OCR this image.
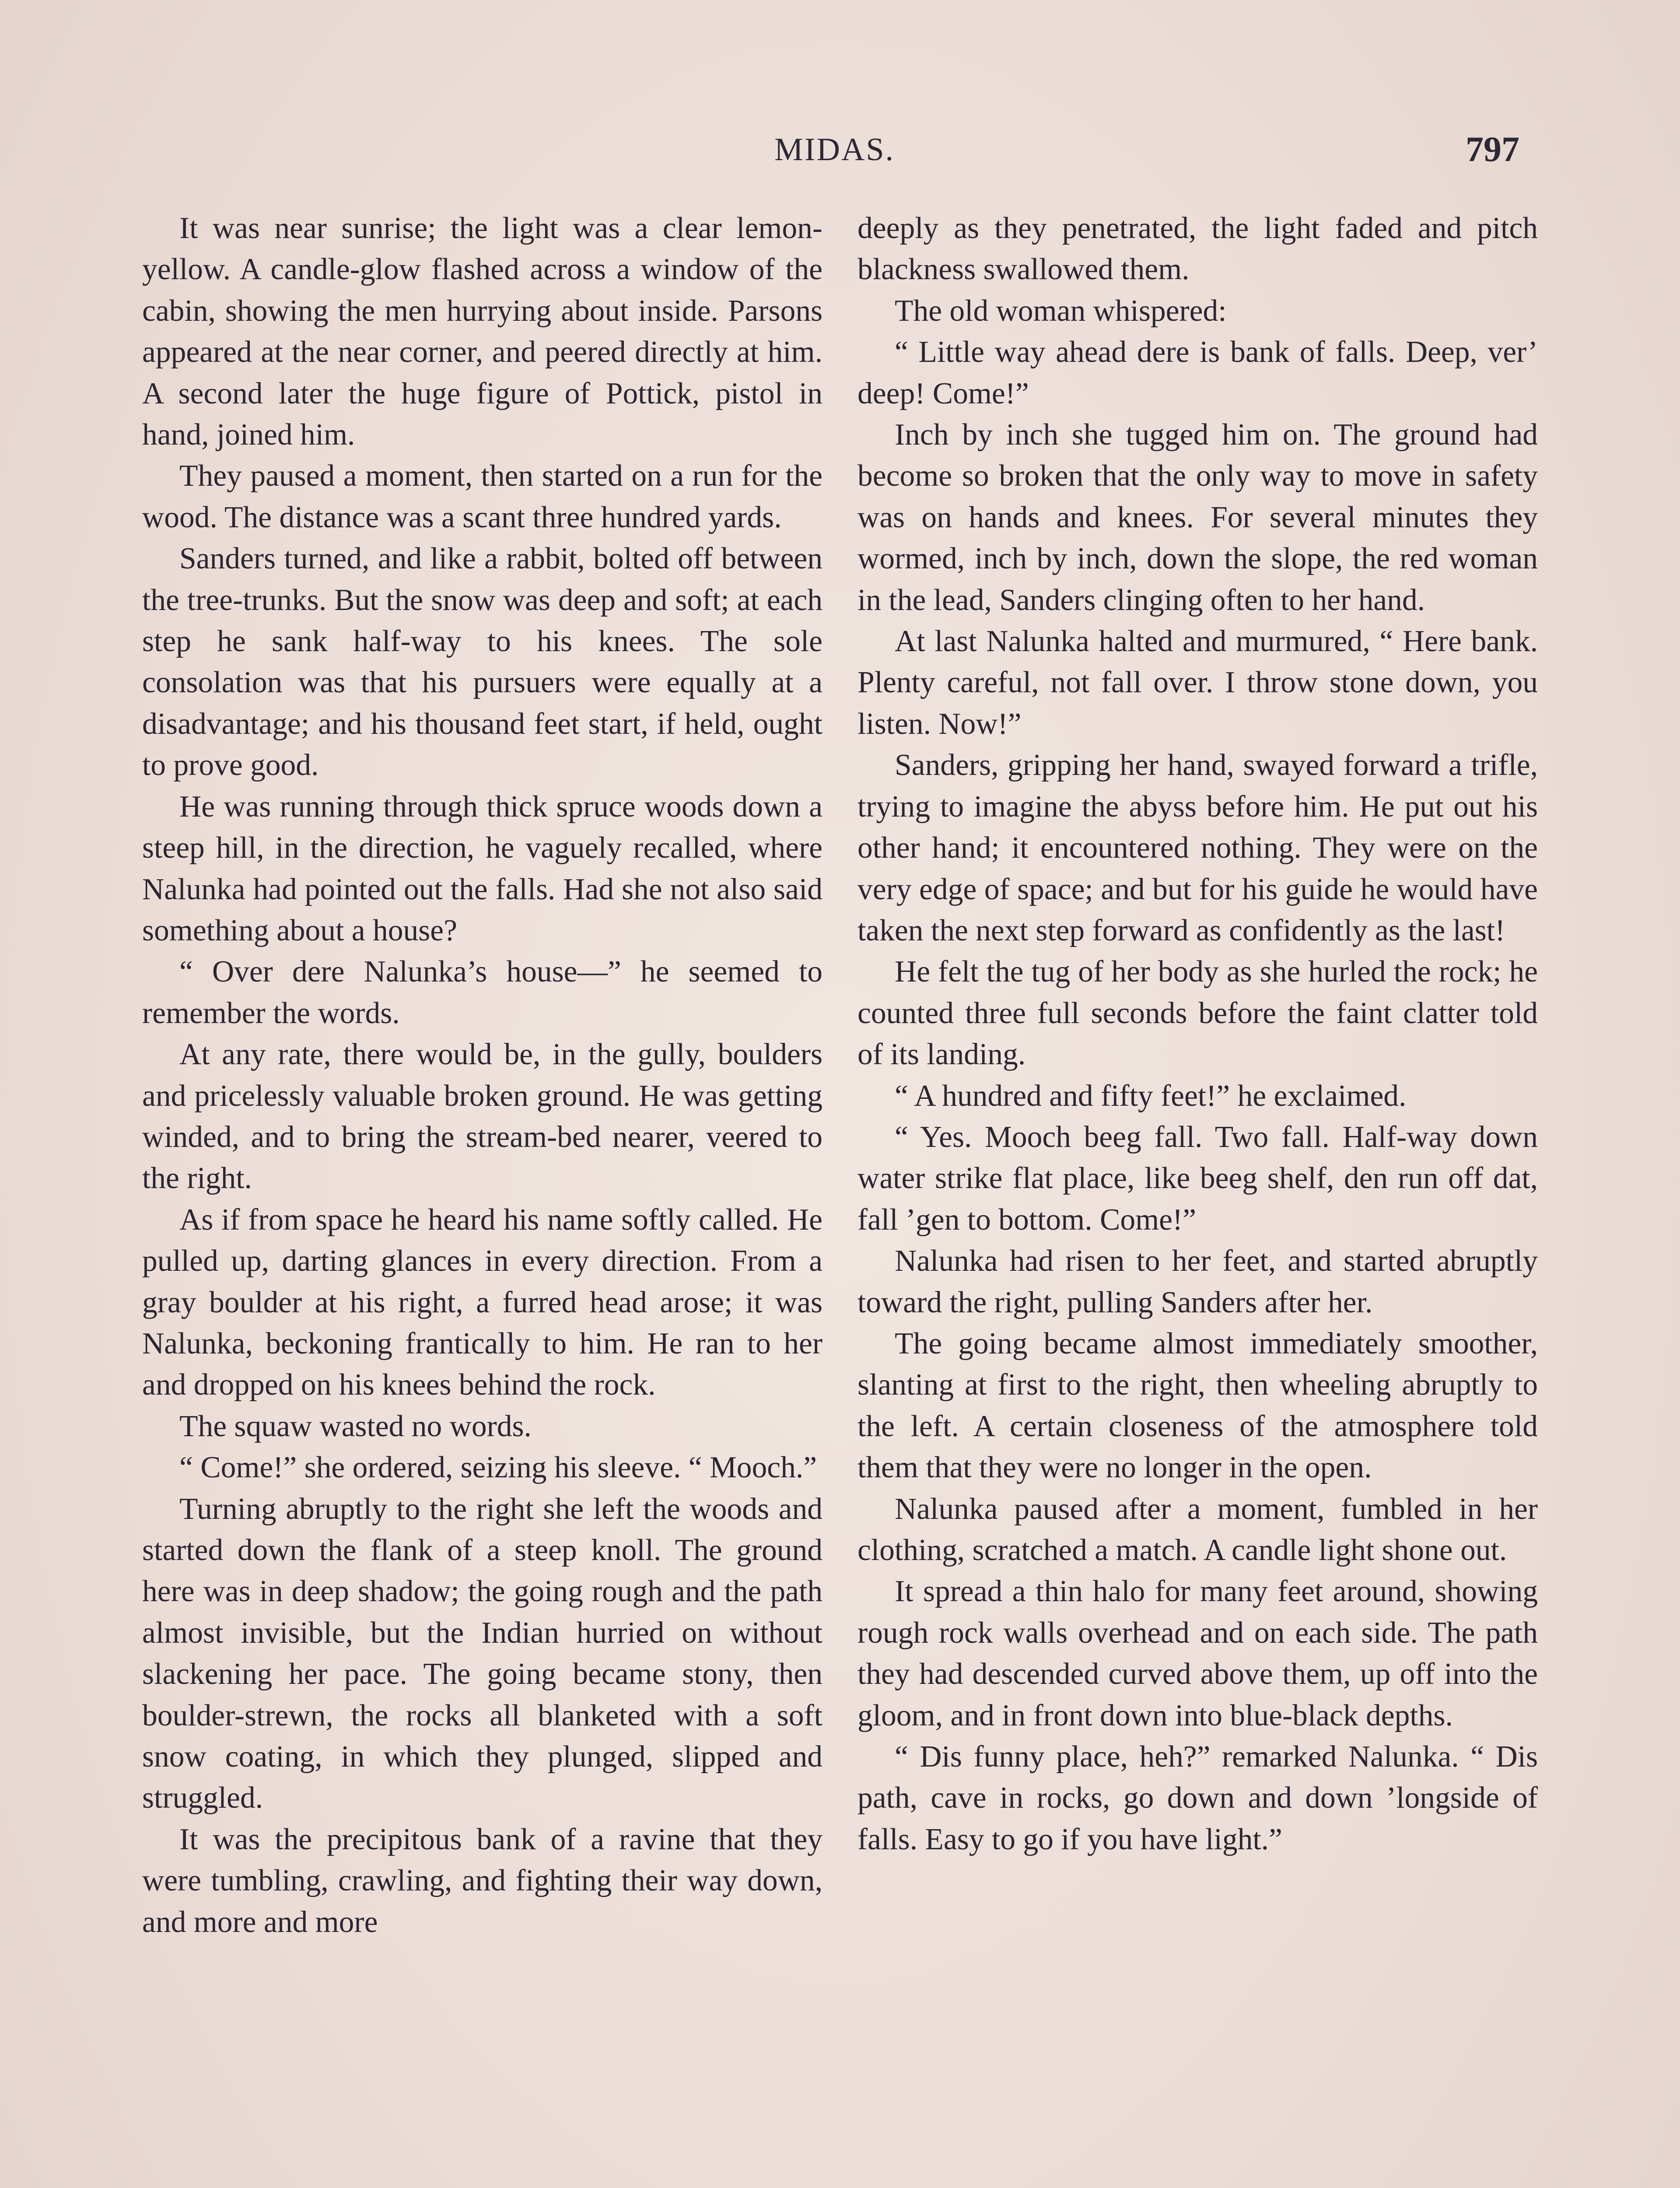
MIDAS.	797

It was near sunrise; the light was a clear lemon-yellow. A candle-glow flashed across a window of the cabin, showing the men hurrying about inside. Parsons appeared at the near corner, and peered directly at him. A second later the huge figure of Pottick, pistol in hand, joined him.

They paused a moment, then started on a run for the wood. The distance was a scant three hundred yards.

Sanders turned, and like a rabbit, bolted off between the tree-trunks. But the snow was deep and soft; at each step he sank half-way to his knees. The sole consolation was that his pursuers were equally at a disadvantage; and his thousand feet start, if held, ought to prove good.

He was running through thick spruce woods down a steep hill, in the direction, he vaguely recalled, where Nalunka had pointed out the falls. Had she not also said something about a house?

“ Over dere Nalunka’s house—” he seemed to remember the words.

At any rate, there would be, in the gully, boulders and pricelessly valuable broken ground. He was getting winded, and to bring the stream-bed nearer, veered to the right.

As if from space he heard his name softly called. He pulled up, darting glances in every direction. From a gray boulder at his right, a furred head arose; it was Nalunka, beckoning frantically to him. He ran to her and dropped on his knees behind the rock.

The squaw wasted no words.

“ Come!” she ordered, seizing his sleeve. “ Mooch.”

Turning abruptly to the right she left the woods and started down the flank of a steep knoll. The ground here was in deep shadow; the going rough and the path almost invisible, but the Indian hurried on without slackening her pace. The going became stony, then boulder-strewn, the rocks all blanketed with a soft snow coating, in which they plunged, slipped and struggled.

It was the precipitous bank of a ravine that they were tumbling, crawling, and fighting their way down, and more and more

deeply as they penetrated, the light faded and pitch blackness swallowed them.

The old woman whispered:

“ Little way ahead dere is bank of falls. Deep, ver’ deep! Come!”

Inch by inch she tugged him on. The ground had become so broken that the only way to move in safety was on hands and knees. For several minutes they wormed, inch by inch, down the slope, the red woman in the lead, Sanders clinging often to her hand.

At last Nalunka halted and murmured, “ Here bank. Plenty careful, not fall over. I throw stone down, you listen. Now!”

Sanders, gripping her hand, swayed forward a trifle, trying to imagine the abyss before him. He put out his other hand; it encountered nothing. They were on the very edge of space; and but for his guide he would have taken the next step forward as confidently as the last!

He felt the tug of her body as she hurled the rock; he counted three full seconds before the faint clatter told of its landing.

“ A hundred and fifty feet!” he exclaimed.

“ Yes. Mooch beeg fall. Two fall. Half-way down water strike flat place, like beeg shelf, den run off dat, fall ’gen to bottom. Come!”

Nalunka had risen to her feet, and started abruptly toward the right, pulling Sanders after her.

The going became almost immediately smoother, slanting at first to the right, then wheeling abruptly to the left. A certain closeness of the atmosphere told them that they were no longer in the open.

Nalunka paused after a moment, fumbled in her clothing, scratched a match. A candle light shone out.

It spread a thin halo for many feet around, showing rough rock walls overhead and on each side. The path they had descended curved above them, up off into the gloom, and in front down into blue-black depths.

“ Dis funny place, heh?” remarked Nalunka. “ Dis path, cave in rocks, go down and down ’longside of falls. Easy to go if you have light.”
